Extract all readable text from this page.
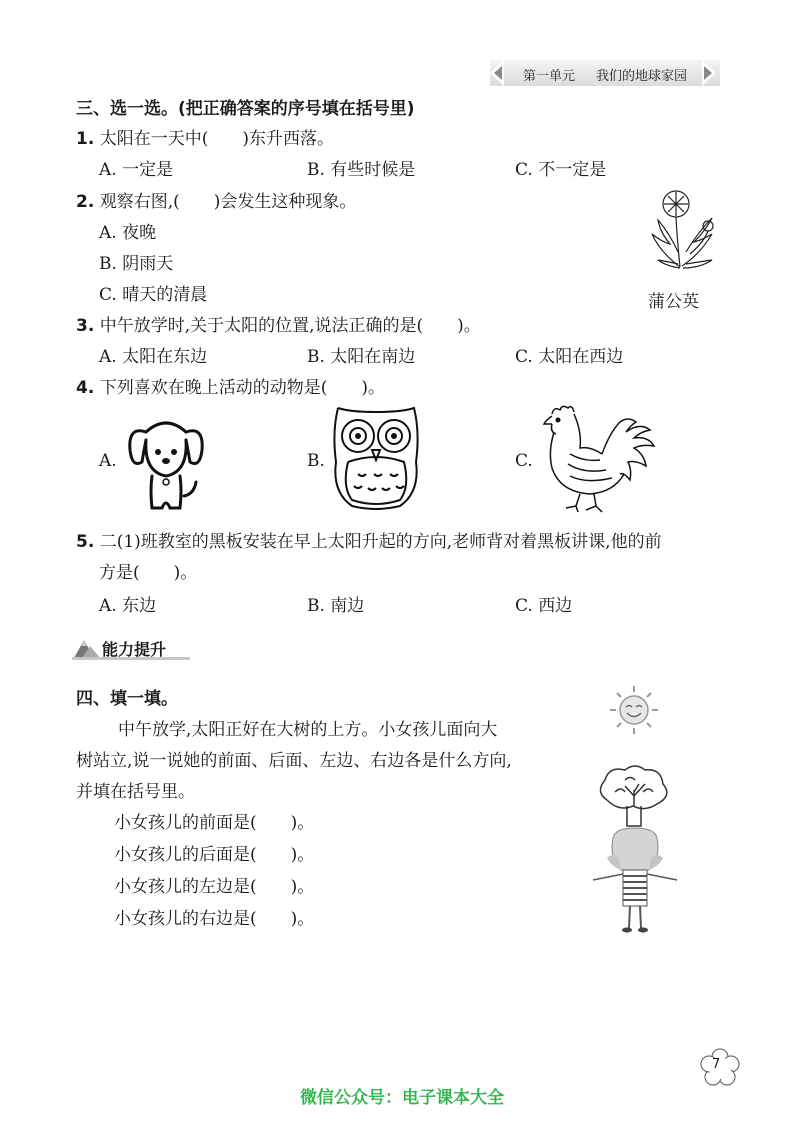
第一单元 我们的地球家园
三、选一选。(把正确答案的序号填在括号里)
1. 太阳在一天中(　　)东升西落。
A. 一定是	B. 有些时候是	C. 不一定是
2. 观察右图,(　　)会发生这种现象。
A. 夜晚
B. 阴雨天
C. 晴天的清晨	蒲公英
3. 中午放学时,关于太阳的位置,说法正确的是(　　)。
A. 太阳在东边	B. 太阳在南边	C. 太阳在西边
4. 下列喜欢在晚上活动的动物是(　　)。
A.	B.	C.
5. 二(1)班教室的黑板安装在早上太阳升起的方向,老师背对着黑板讲课,他的前
方是(　　)。
A. 东边	B. 南边	C. 西边
能力提升
四、填一填。
中午放学,太阳正好在大树的上方。小女孩儿面向大
树站立,说一说她的前面、后面、左边、右边各是什么方向,
并填在括号里。
小女孩儿的前面是(　　)。
小女孩儿的后面是(　　)。
小女孩儿的左边是(　　)。
小女孩儿的右边是(　　)。
7
微信公众号：电子课本大全
